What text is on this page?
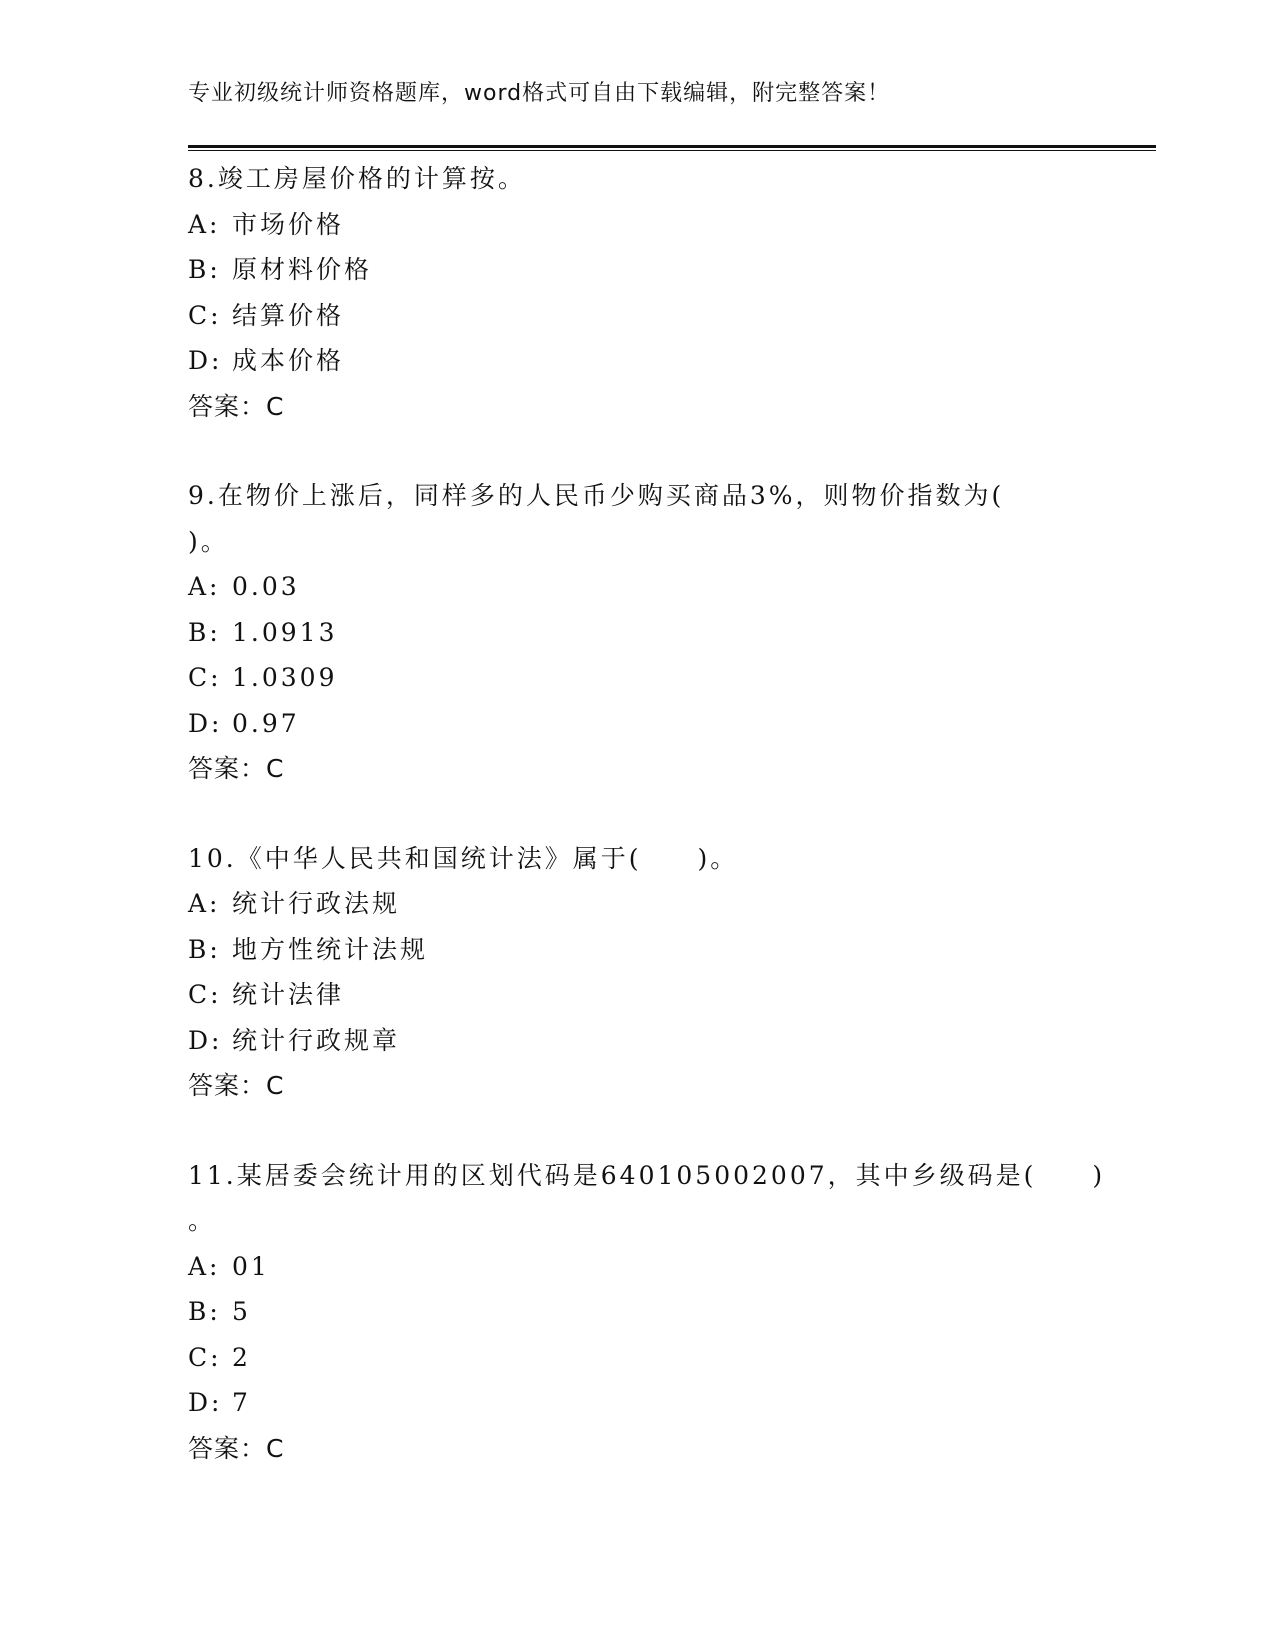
专业初级统计师资格题库，word格式可自由下载编辑，附完整答案！
8.竣工房屋价格的计算按。
A: 市场价格
B: 原材料价格
C: 结算价格
D: 成本价格
答案：C
9.在物价上涨后，同样多的人民币少购买商品3%，则物价指数为(
)。
A: 0.03
B: 1.0913
C: 1.0309
D: 0.97
答案：C
10.《中华人民共和国统计法》属于(　　)。
A: 统计行政法规
B: 地方性统计法规
C: 统计法律
D: 统计行政规章
答案：C
11.某居委会统计用的区划代码是640105002007，其中乡级码是(　　)
。
A: 01
B: 5
C: 2
D: 7
答案：C
